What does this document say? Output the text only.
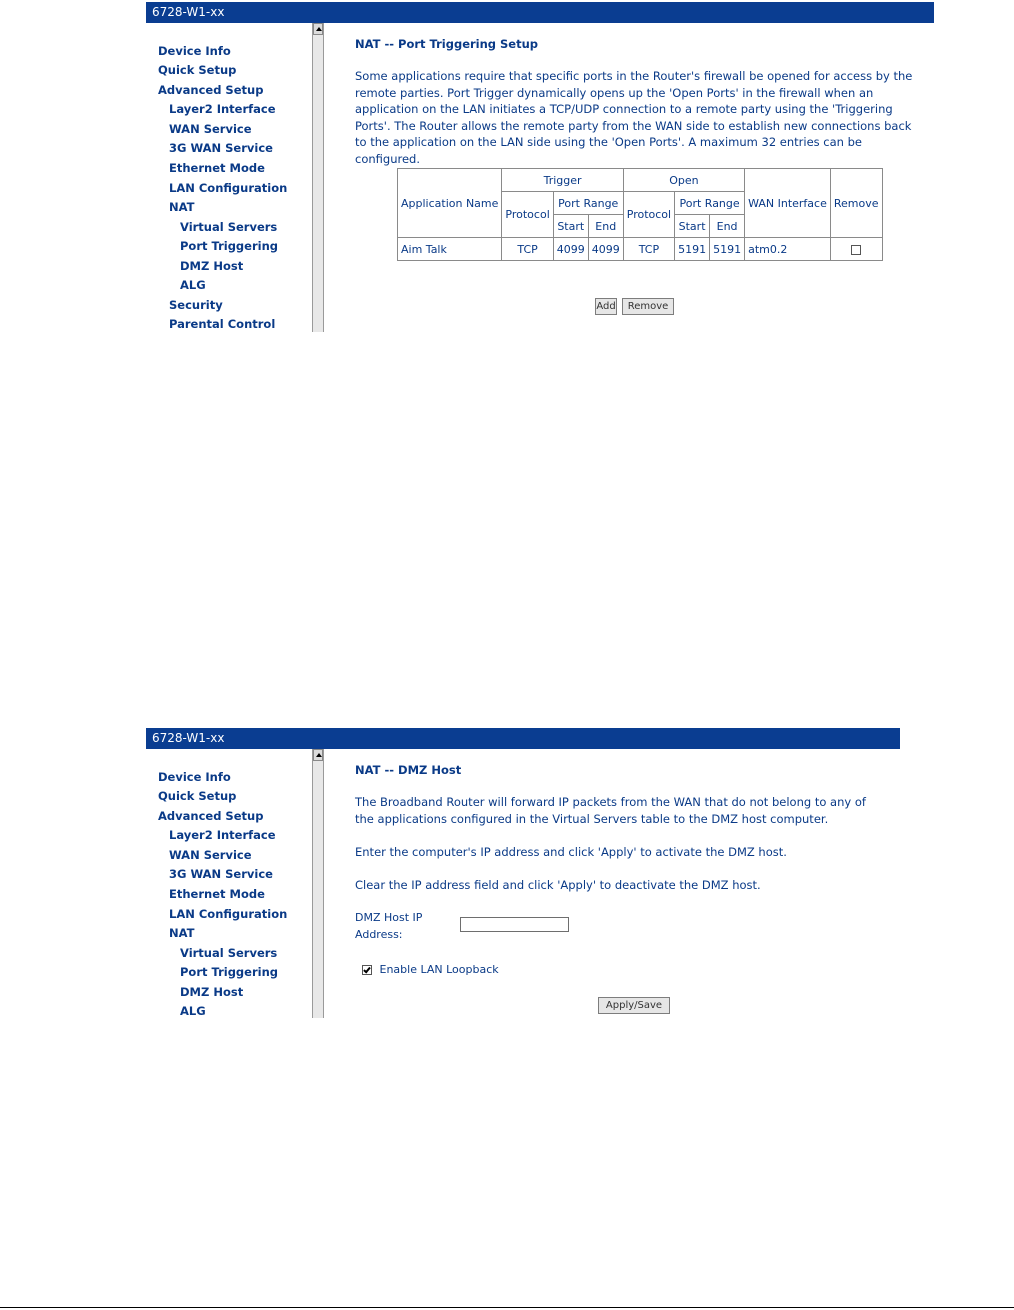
6728-W1-xx
Device Info
Quick Setup
Advanced Setup
Layer2 Interface
WAN Service
3G WAN Service
Ethernet Mode
LAN Configuration
NAT
Virtual Servers
Port Triggering
DMZ Host
ALG
Security
Parental Control
NAT -- Port Triggering Setup

Some applications require that specific ports in the Router's firewall be opened for access by the remote parties. Port Trigger dynamically opens up the 'Open Ports' in the firewall when an application on the LAN initiates a TCP/UDP connection to a remote party using the 'Triggering Ports'. The Router allows the remote party from the WAN side to establish new connections back to the application on the LAN side using the 'Open Ports'. A maximum 32 entries can be configured.

Application Name	Trigger			Open			WAN Interface	Remove
	Protocol	Port Range		Protocol	Port Range			
		Start	End		Start	End		
Aim Talk	TCP	4099	4099	TCP	5191	5191	atm0.2	
Add	Remove
6728-W1-xx
Device Info
Quick Setup
Advanced Setup
Layer2 Interface
WAN Service
3G WAN Service
Ethernet Mode
LAN Configuration
NAT
Virtual Servers
Port Triggering
DMZ Host
ALG
NAT -- DMZ Host

The Broadband Router will forward IP packets from the WAN that do not belong to any of the applications configured in the Virtual Servers table to the DMZ host computer.

Enter the computer's IP address and click 'Apply' to activate the DMZ host.

Clear the IP address field and click 'Apply' to deactivate the DMZ host.

DMZ Host IP
Address:
Enable LAN Loopback
Apply/Save
